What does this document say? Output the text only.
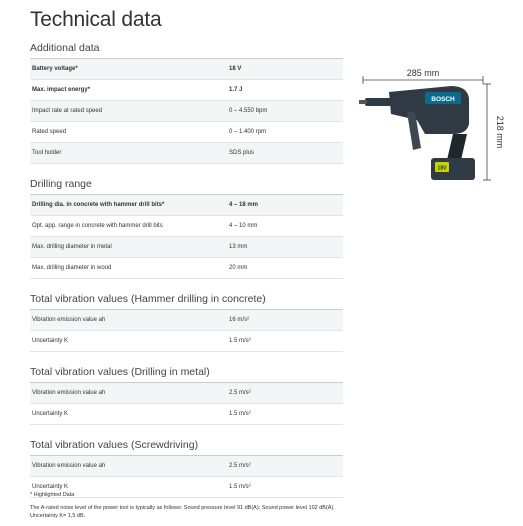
Technical data
Additional data
Battery voltage*	18 V
Max. impact energy*	1.7 J
Impact rate at rated speed	0 – 4.550 bpm
Rated speed	0 – 1.400 rpm
Tool holder	SDS plus
Drilling range
Drilling dia. in concrete with hammer drill bits*	4 – 18 mm
Opt. app. range in concrete with hammer drill bits	4 – 10 mm
Max. drilling diameter in metal	13 mm
Max. drilling diameter in wood	20 mm
Total vibration values (Hammer drilling in concrete)
Vibration emission value ah	16 m/s²
Uncertainty K	1.5 m/s²
Total vibration values (Drilling in metal)
Vibration emission value ah	2.5 m/s²
Uncertainty K	1.5 m/s²
Total vibration values (Screwdriving)
Vibration emission value ah	2.5 m/s²
Uncertainty K	1.5 m/s²
285 mm
218 mm
BOSCH
18V
* Highlighted Data
The A-rated noise level of the power tool is typically as follows: Sound pressure level 91 dB(A); Sound power level 102 dB(A). Uncertainty K= 1,5 dB.
